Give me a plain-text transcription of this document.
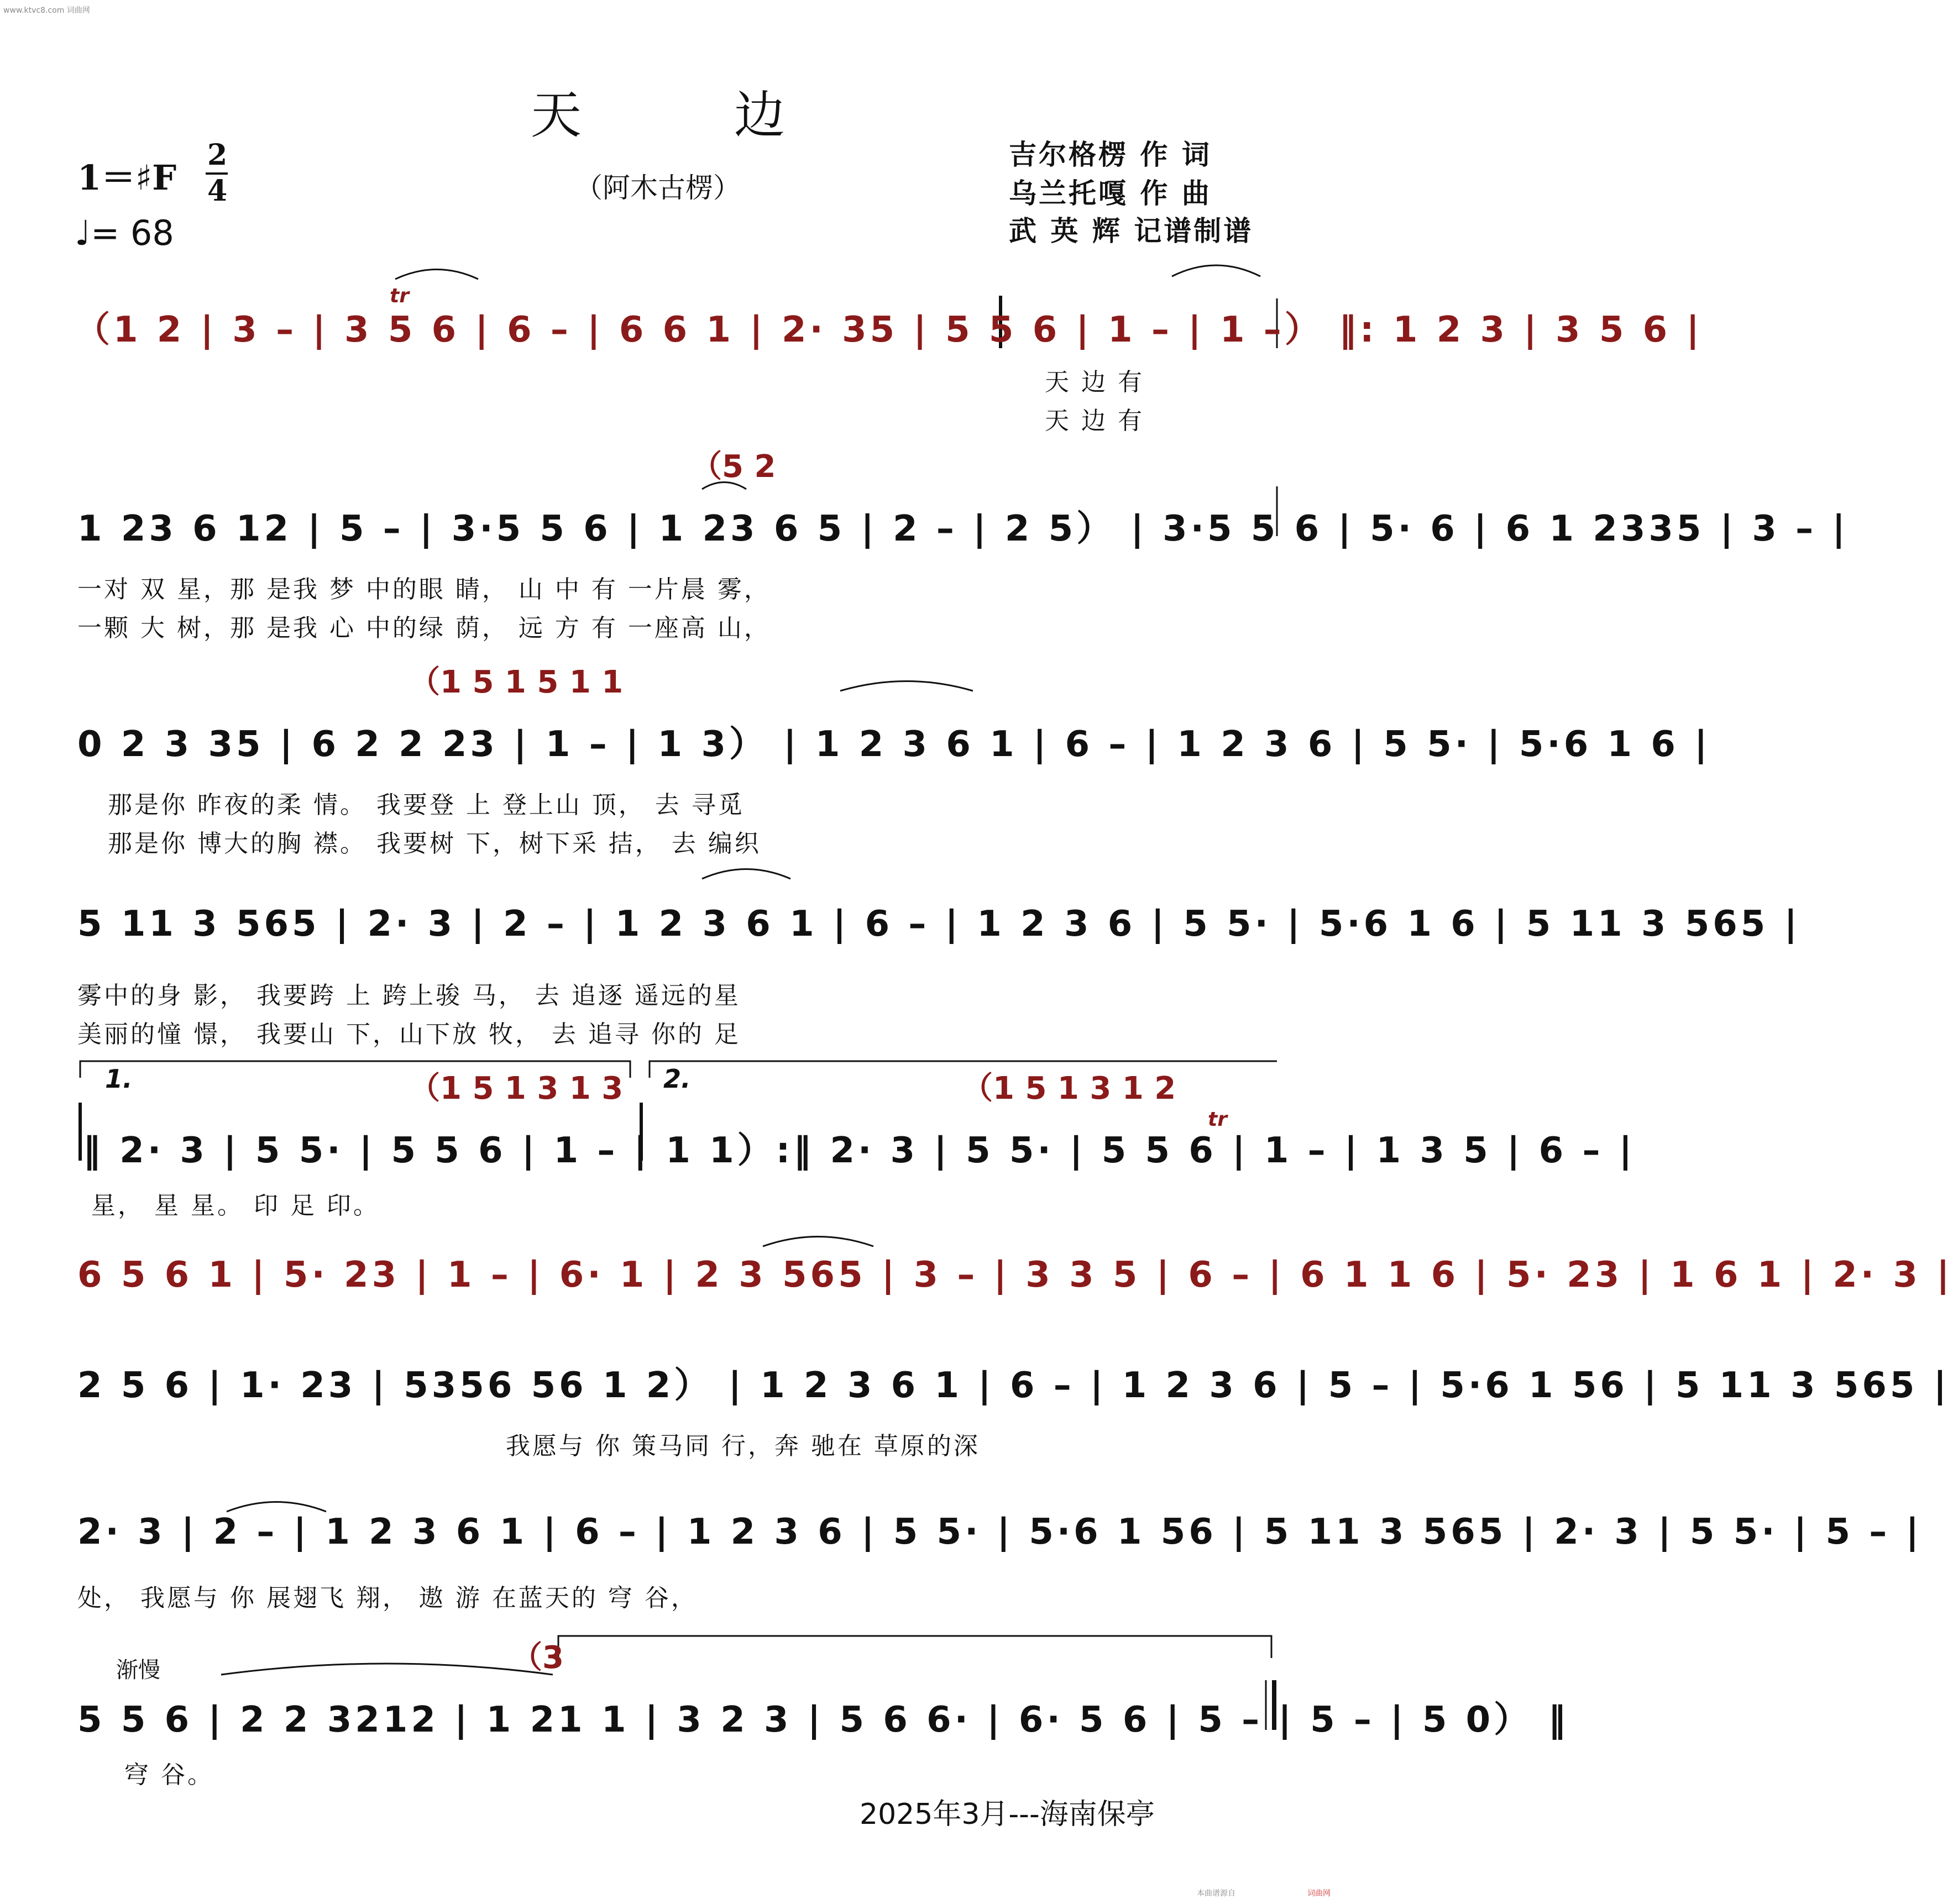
www.ktvc8.com 词曲网
本曲谱源自	词曲网
天　　　边
（阿木古楞）
吉尔格楞 作 词
乌兰托嘎 作 曲
武 英 辉 记谱制谱
1＝♯F
2
4
♩= 68
（1 2 | 3 – | 3 5 6 | 6 – | 6 6 1 | 2· 35 | 5 5 6 | 1 – | 1 –） ‖: 1 2 3 | 3 5 6 |
1 23 6 12 | 5 – | 3·5 5 6 | 1 23 6 5 | 2 – | 2 5） | 3·5 5 6 | 5· 6 | 6 1 2335 | 3 – |
0 2 3 35 | 6 2 2 23 | 1 – | 1 3） | 1 2 3 6 1 | 6 – | 1 2 3 6 | 5 5· | 5·6 1 6 |
5 11 3 565 | 2· 3 | 2 – | 1 2 3 6 1 | 6 – | 1 2 3 6 | 5 5· | 5·6 1 6 | 5 11 3 565 |
‖ 2· 3 | 5 5· | 5 5 6 | 1 – | 1 1）:‖ 2· 3 | 5 5· | 5 5 6 | 1 – | 1 3 5 | 6 – |
6 5 6 1 | 5· 23 | 1 – | 6· 1 | 2 3 565 | 3 – | 3 3 5 | 6 – | 6 1 1 6 | 5· 23 | 1 6 1 | 2· 3 |
2 5 6 | 1· 23 | 5356 56 1 2） | 1 2 3 6 1 | 6 – | 1 2 3 6 | 5 – | 5·6 1 56 | 5 11 3 565 |
2· 3 | 2 – | 1 2 3 6 1 | 6 – | 1 2 3 6 | 5 5· | 5·6 1 56 | 5 11 3 565 | 2· 3 | 5 5· | 5 – |
5 5 6 | 2 2 3212 | 1 21 1 | 3 2 3 | 5 6 6· | 6· 5 6 | 5 – | 5 – | 5 0） ‖
（5 2
（1 5 1 5 1 1
（1 5 1 3 1 3	（1 5 1 3 1 2
（3
tr
tr
渐慢
1.	2.
天 边 有
天 边 有
一对 双 星，那 是我 梦 中的眼 睛， 山 中 有 一片晨 雾，
一颗 大 树，那 是我 心 中的绿 荫， 远 方 有 一座高 山，
那是你 昨夜的柔 情。 我要登 上 登上山 顶， 去 寻觅
那是你 博大的胸 襟。 我要树 下，树下采 拮， 去 编织
雾中的身 影， 我要跨 上 跨上骏 马， 去 追逐 遥远的星
美丽的憧 憬， 我要山 下，山下放 牧， 去 追寻 你的 足
星， 星 星。 印 足 印。
我愿与 你 策马同 行，奔 驰在 草原的深
处， 我愿与 你 展翅飞 翔， 遨 游 在蓝天的 穹 谷，
穹 谷。
2025年3月---海南保亭
